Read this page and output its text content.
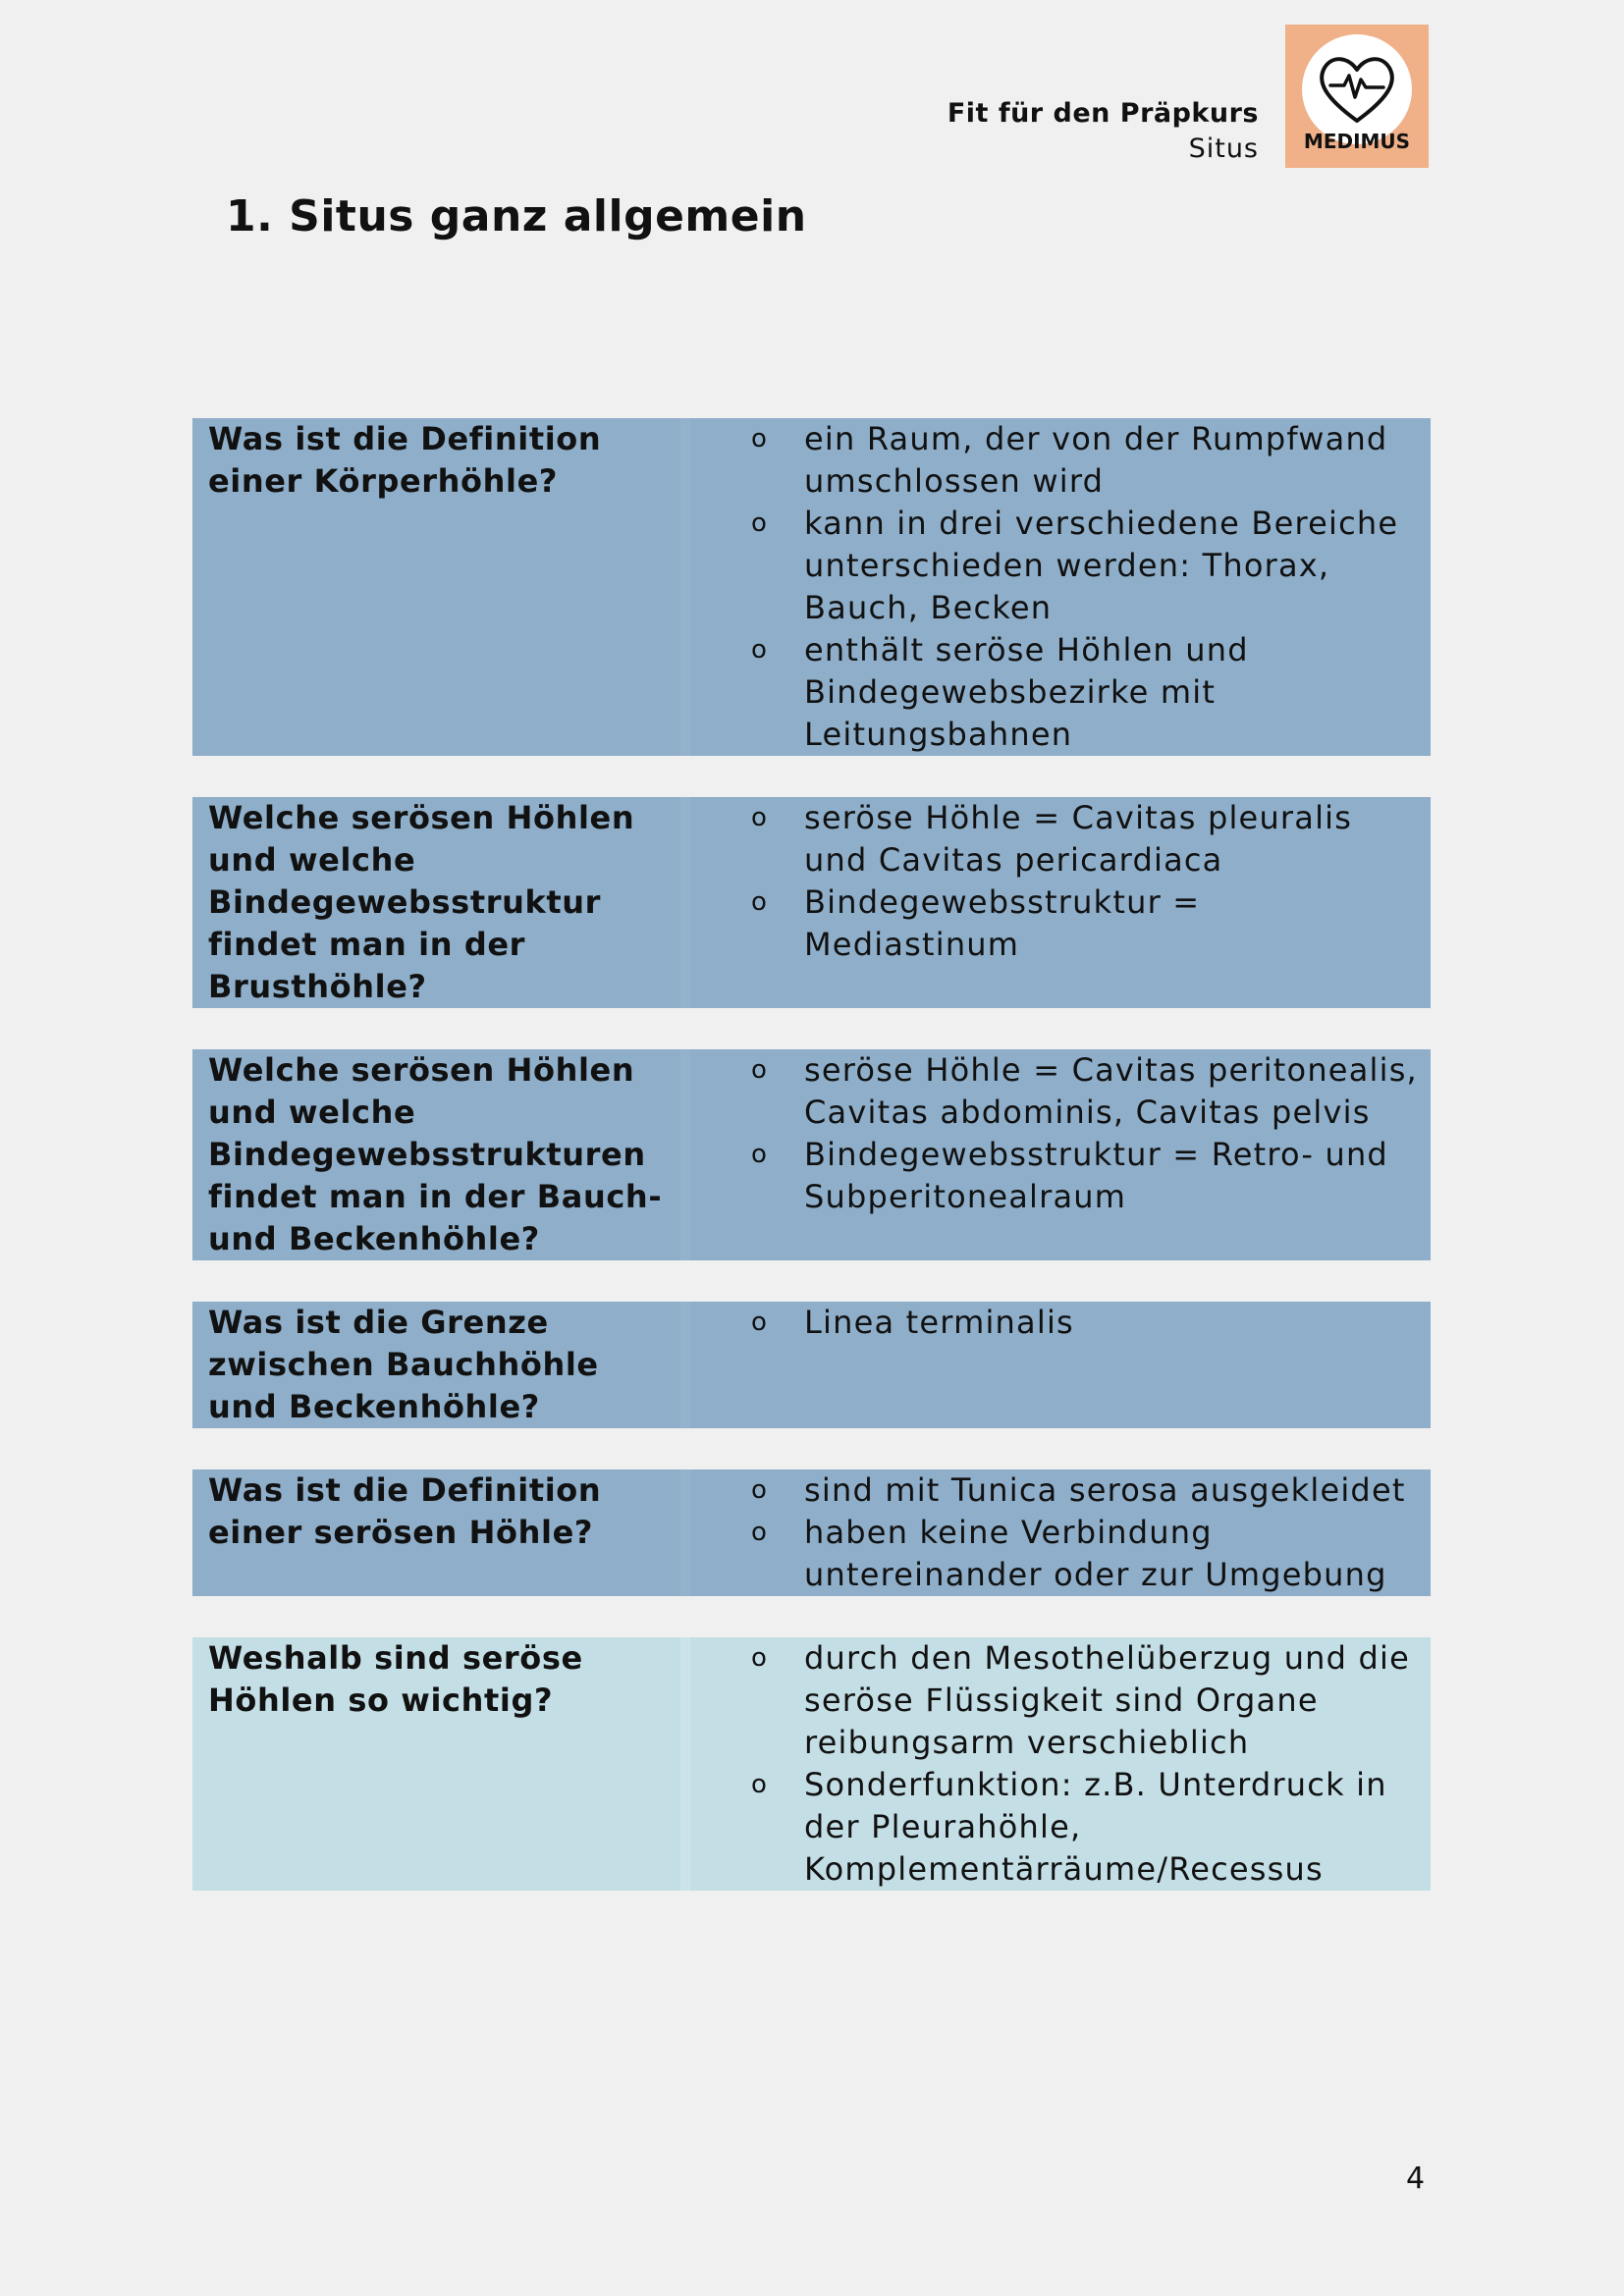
Fit für den Präpkurs
Situs MEDIMUS
1. Situs ganz allgemein
Was ist die Definition einer Körperhöhle?
o ein Raum, der von der Rumpfwand umschlossen wird
o kann in drei verschiedene Bereiche unterschieden werden: Thorax, Bauch, Becken
o enthält seröse Höhlen und Bindegewebsbezirke mit Leitungsbahnen
Welche serösen Höhlen und welche Bindegewebsstruktur findet man in der Brusthöhle?
o seröse Höhle = Cavitas pleuralis und Cavitas pericardiaca
o Bindegewebsstruktur = Mediastinum
Welche serösen Höhlen und welche Bindegewebsstrukturen findet man in der Bauch- und Beckenhöhle?
o seröse Höhle = Cavitas peritonealis, Cavitas abdominis, Cavitas pelvis
o Bindegewebsstruktur = Retro- und Subperitonealraum
Was ist die Grenze zwischen Bauchhöhle und Beckenhöhle?
o Linea terminalis
Was ist die Definition einer serösen Höhle?
o sind mit Tunica serosa ausgekleidet
o haben keine Verbindung untereinander oder zur Umgebung
Weshalb sind seröse Höhlen so wichtig?
o durch den Mesothelüberzug und die seröse Flüssigkeit sind Organe reibungsarm verschieblich
o Sonderfunktion: z.B. Unterdruck in der Pleurahöhle, Komplementärräume/Recessus
4
